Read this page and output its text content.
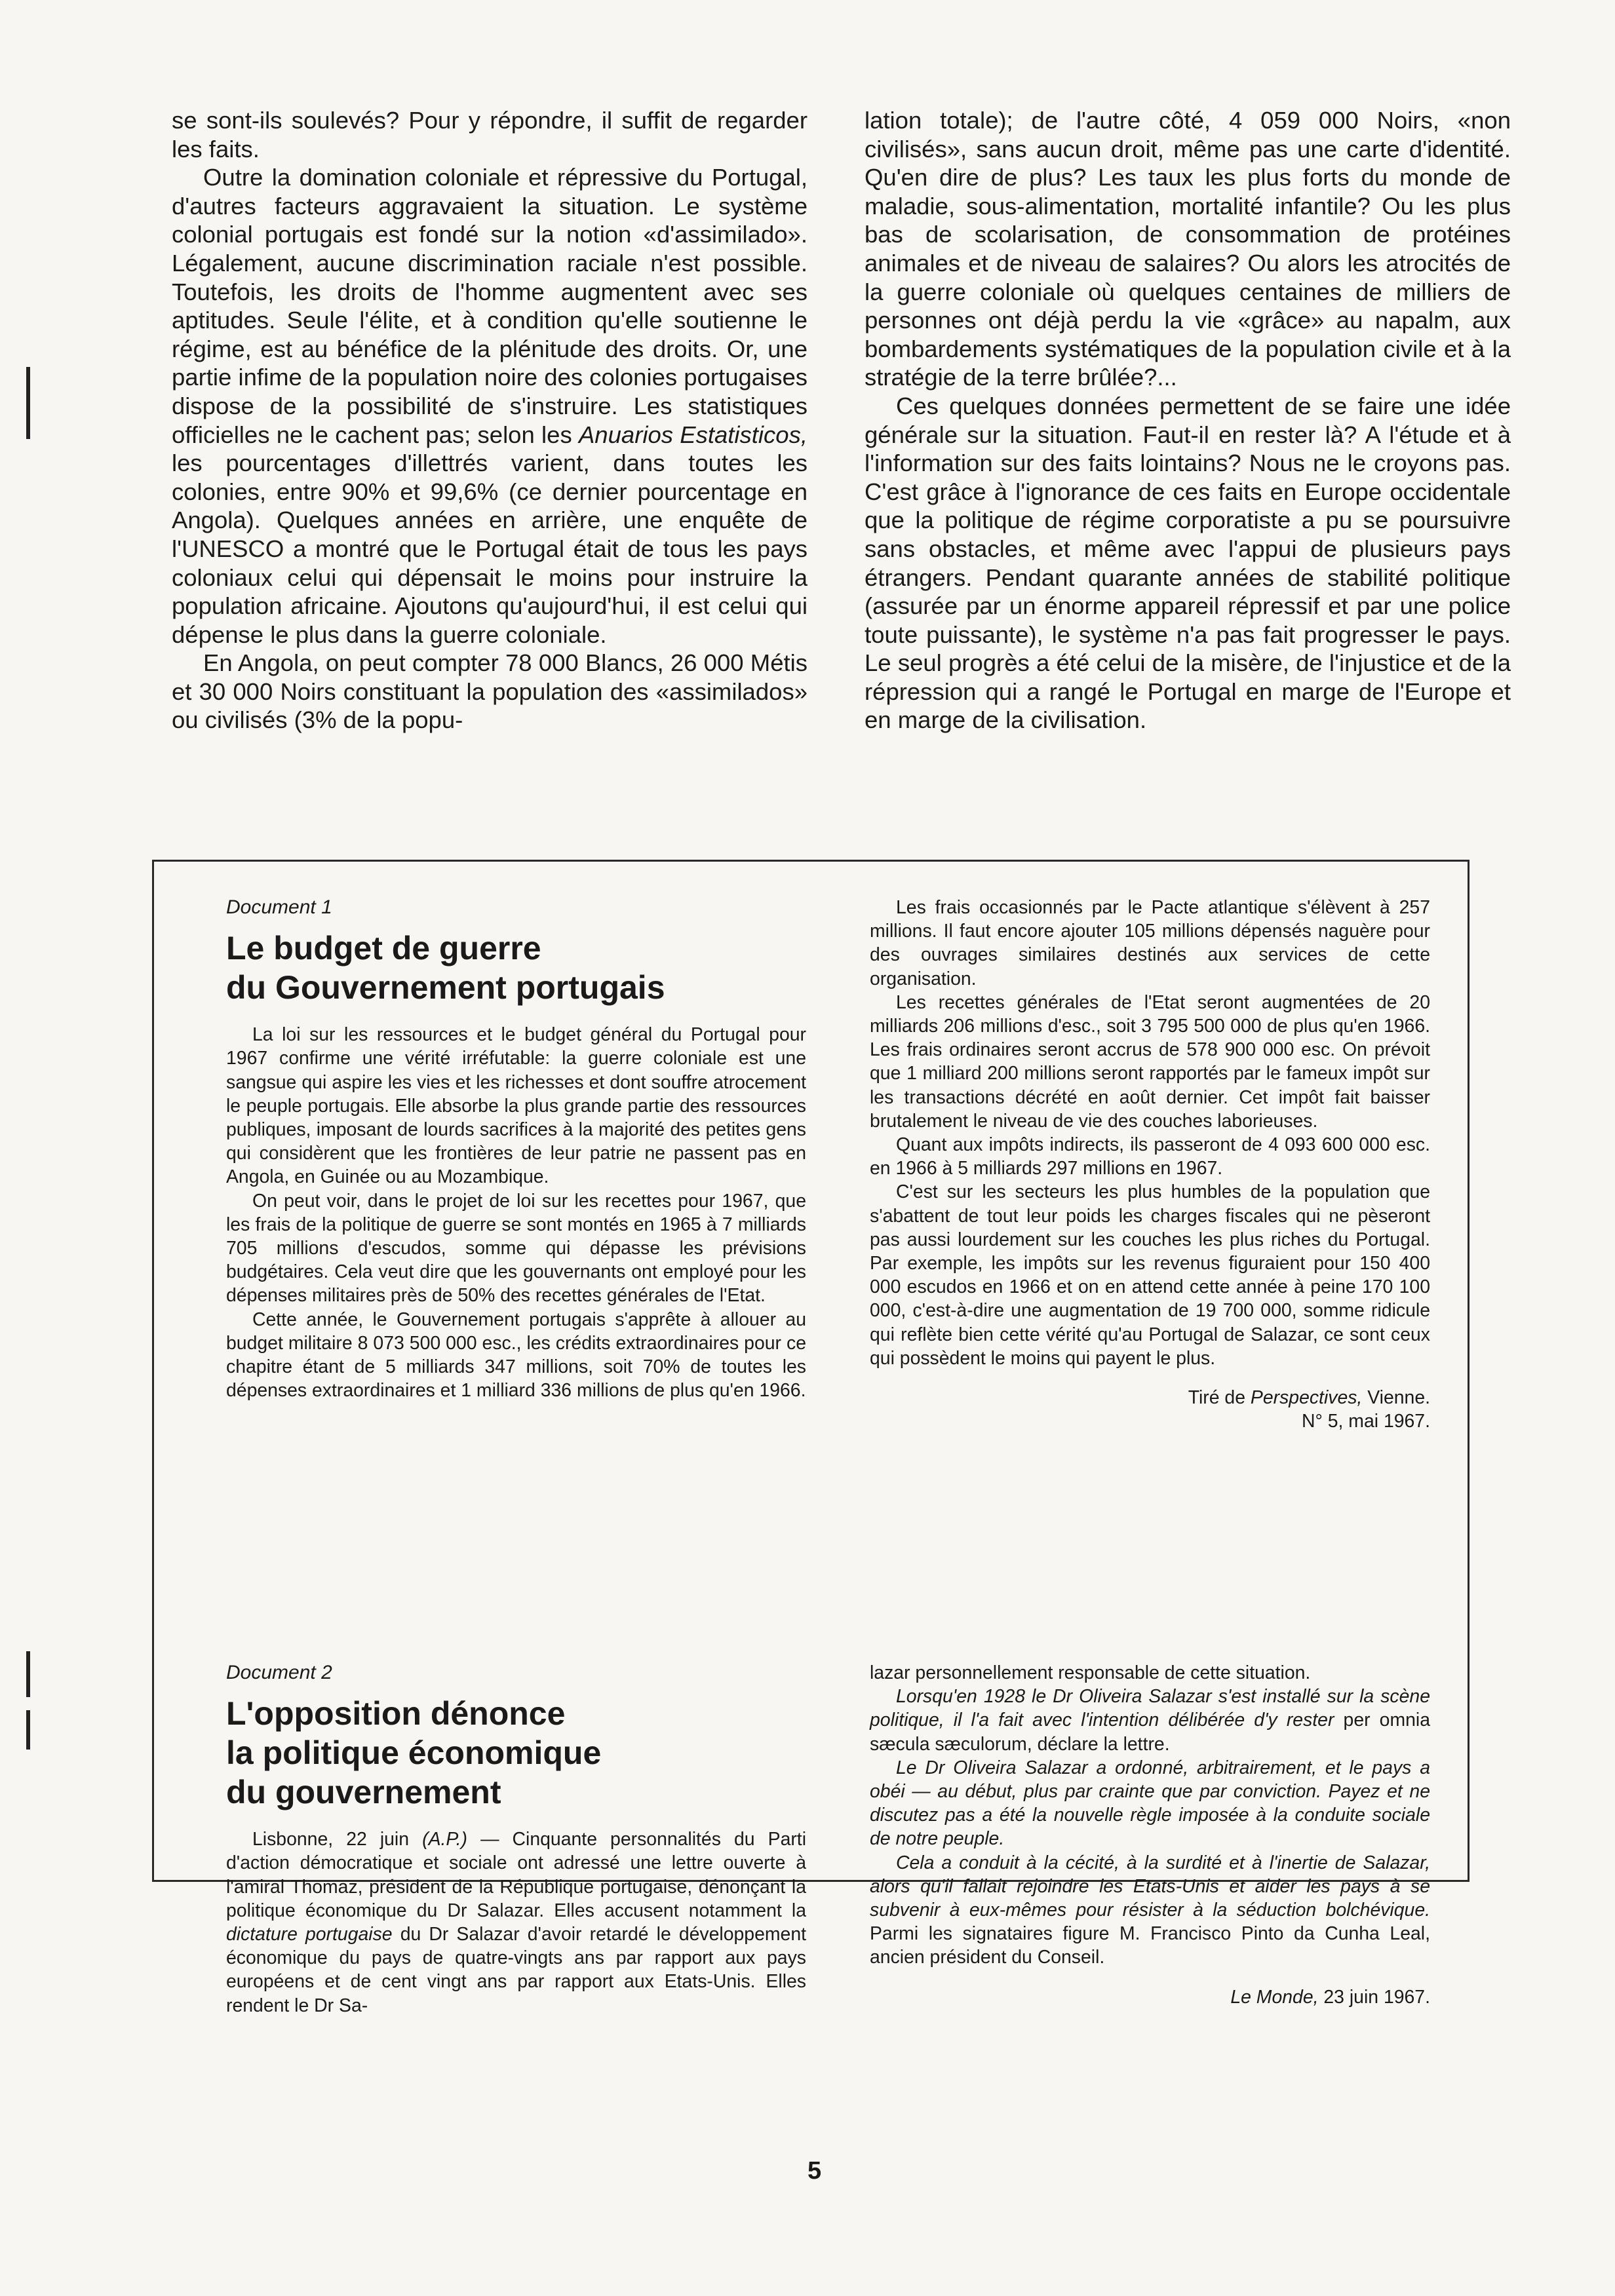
se sont-ils soulevés? Pour y répondre, il suffit de regarder les faits.

Outre la domination coloniale et répressive du Portugal, d'autres facteurs aggravaient la situation. Le système colonial portugais est fondé sur la notion «d'assimilado». Légalement, aucune discrimination raciale n'est possible. Toutefois, les droits de l'homme augmentent avec ses aptitudes. Seule l'élite, et à condition qu'elle soutienne le régime, est au bénéfice de la plénitude des droits. Or, une partie infime de la population noire des colonies portugaises dispose de la possibilité de s'instruire. Les statistiques officielles ne le cachent pas; selon les Anuarios Estatisticos, les pourcentages d'illettrés varient, dans toutes les colonies, entre 90% et 99,6% (ce dernier pourcentage en Angola). Quelques années en arrière, une enquête de l'UNESCO a montré que le Portugal était de tous les pays coloniaux celui qui dépensait le moins pour instruire la population africaine. Ajoutons qu'aujourd'hui, il est celui qui dépense le plus dans la guerre coloniale.

En Angola, on peut compter 78 000 Blancs, 26 000 Métis et 30 000 Noirs constituant la population des «assimilados» ou civilisés (3% de la popu-

lation totale); de l'autre côté, 4 059 000 Noirs, «non civilisés», sans aucun droit, même pas une carte d'identité. Qu'en dire de plus? Les taux les plus forts du monde de maladie, sous-alimentation, mortalité infantile? Ou les plus bas de scolarisation, de consommation de protéines animales et de niveau de salaires? Ou alors les atrocités de la guerre coloniale où quelques centaines de milliers de personnes ont déjà perdu la vie «grâce» au napalm, aux bombardements systématiques de la population civile et à la stratégie de la terre brûlée?...

Ces quelques données permettent de se faire une idée générale sur la situation. Faut-il en rester là? A l'étude et à l'information sur des faits lointains? Nous ne le croyons pas. C'est grâce à l'ignorance de ces faits en Europe occidentale que la politique de régime corporatiste a pu se poursuivre sans obstacles, et même avec l'appui de plusieurs pays étrangers. Pendant quarante années de stabilité politique (assurée par un énorme appareil répressif et par une police toute puissante), le système n'a pas fait progresser le pays. Le seul progrès a été celui de la misère, de l'injustice et de la répression qui a rangé le Portugal en marge de l'Europe et en marge de la civilisation.

Document 1
Le budget de guerre
du Gouvernement portugais

La loi sur les ressources et le budget général du Portugal pour 1967 confirme une vérité irréfutable: la guerre coloniale est une sangsue qui aspire les vies et les richesses et dont souffre atrocement le peuple portugais. Elle absorbe la plus grande partie des ressources publiques, imposant de lourds sacrifices à la majorité des petites gens qui considèrent que les frontières de leur patrie ne passent pas en Angola, en Guinée ou au Mozambique.

On peut voir, dans le projet de loi sur les recettes pour 1967, que les frais de la politique de guerre se sont montés en 1965 à 7 milliards 705 millions d'escudos, somme qui dépasse les prévisions budgétaires. Cela veut dire que les gouvernants ont employé pour les dépenses militaires près de 50% des recettes générales de l'Etat.

Cette année, le Gouvernement portugais s'apprête à allouer au budget militaire 8 073 500 000 esc., les crédits extraordinaires pour ce chapitre étant de 5 milliards 347 millions, soit 70% de toutes les dépenses extraordinaires et 1 milliard 336 millions de plus qu'en 1966.

Les frais occasionnés par le Pacte atlantique s'élèvent à 257 millions. Il faut encore ajouter 105 millions dépensés naguère pour des ouvrages similaires destinés aux services de cette organisation.

Les recettes générales de l'Etat seront augmentées de 20 milliards 206 millions d'esc., soit 3 795 500 000 de plus qu'en 1966. Les frais ordinaires seront accrus de 578 900 000 esc. On prévoit que 1 milliard 200 millions seront rapportés par le fameux impôt sur les transactions décrété en août dernier. Cet impôt fait baisser brutalement le niveau de vie des couches laborieuses.

Quant aux impôts indirects, ils passeront de 4 093 600 000 esc. en 1966 à 5 milliards 297 millions en 1967.

C'est sur les secteurs les plus humbles de la population que s'abattent de tout leur poids les charges fiscales qui ne pèseront pas aussi lourdement sur les couches les plus riches du Portugal. Par exemple, les impôts sur les revenus figuraient pour 150 400 000 escudos en 1966 et on en attend cette année à peine 170 100 000, c'est-à-dire une augmentation de 19 700 000, somme ridicule qui reflète bien cette vérité qu'au Portugal de Salazar, ce sont ceux qui possèdent le moins qui payent le plus.

Tiré de Perspectives, Vienne.

N° 5, mai 1967.

Document 2
L'opposition dénonce
la politique économique
du gouvernement

Lisbonne, 22 juin (A.P.) — Cinquante personnalités du Parti d'action démocratique et sociale ont adressé une lettre ouverte à l'amiral Thomaz, président de la République portugaise, dénonçant la politique économique du Dr Salazar. Elles accusent notamment la dictature portugaise du Dr Salazar d'avoir retardé le développement économique du pays de quatre-vingts ans par rapport aux pays européens et de cent vingt ans par rapport aux Etats-Unis. Elles rendent le Dr Sa-

lazar personnellement responsable de cette situation.

Lorsqu'en 1928 le Dr Oliveira Salazar s'est installé sur la scène politique, il l'a fait avec l'intention délibérée d'y rester per omnia sæcula sæculorum, déclare la lettre.

Le Dr Oliveira Salazar a ordonné, arbitrairement, et le pays a obéi — au début, plus par crainte que par conviction. Payez et ne discutez pas a été la nouvelle règle imposée à la conduite sociale de notre peuple.

Cela a conduit à la cécité, à la surdité et à l'inertie de Salazar, alors qu'il fallait rejoindre les Etats-Unis et aider les pays à se subvenir à eux-mêmes pour résister à la séduction bolchévique. Parmi les signataires figure M. Francisco Pinto da Cunha Leal, ancien président du Conseil.

Le Monde, 23 juin 1967.

5
